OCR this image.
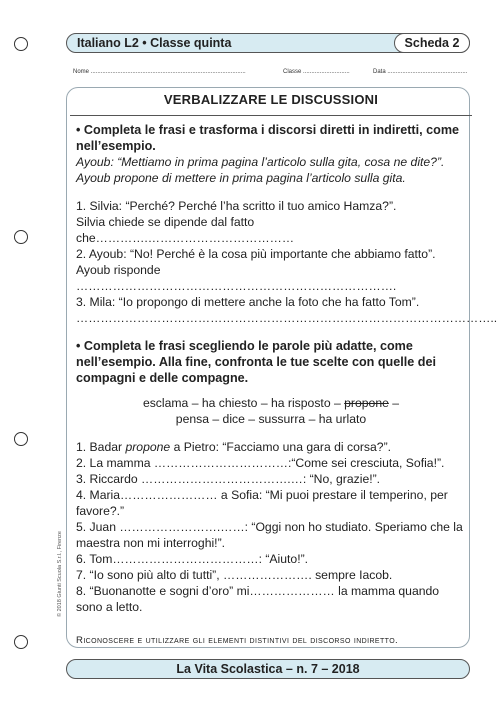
Italiano L2 • Classe quinta	Scheda 2
Nome .............................................................................................	Classe ............................	Data ................................................
© 2018 Giunti Scuola S.r.l., Firenze
VERBALIZZARE LE DISCUSSIONI

• Completa le frasi e trasforma i discorsi diretti in indiretti, come nell’esempio.

Ayoub: “Mettiamo in prima pagina l’articolo sulla gita, cosa ne dite?”.

Ayoub propone di mettere in prima pagina l’articolo sulla gita.

1. Silvia: “Perché? Perché l’ha scritto il tuo amico Hamza?”.

Silvia chiede se dipende dal fatto che………….………………………………

2. Ayoub: “No! Perché è la cosa più importante che abbiamo fatto”.

Ayoub risponde …………………………………………………………………….

3. Mila: “Io propongo di mettere anche la foto che ha fatto Tom”.

…………………………………………………………………………………………..

• Completa le frasi scegliendo le parole più adatte, come nell’esempio. Alla fine, confronta le tue scelte con quelle dei compagni e delle compagne.

esclama – ha chiesto – ha risposto – propone –
pensa – dice – sussurra – ha urlato

1. Badar propone a Pietro: “Facciamo una gara di corsa?”.

2. La mamma ……………………………:“Come sei cresciuta, Sofia!”.

3. Riccardo ……………………………….…: “No, grazie!”.

4. Maria…………………… a Sofia: “Mi puoi prestare il temperino, per favore?.”

5. Juan …………………….……: “Oggi non ho studiato. Speriamo che la maestra non mi interroghi!”.

6. Tom………………………………: “Aiuto!”.

7. “Io sono più alto di tutti”, …………………. sempre Iacob.

8. “Buonanotte e sogni d’oro” mi………………… la mamma quando sono a letto.

Riconoscere e utilizzare gli elementi distintivi del discorso indiretto.

La Vita Scolastica – n. 7 – 2018
